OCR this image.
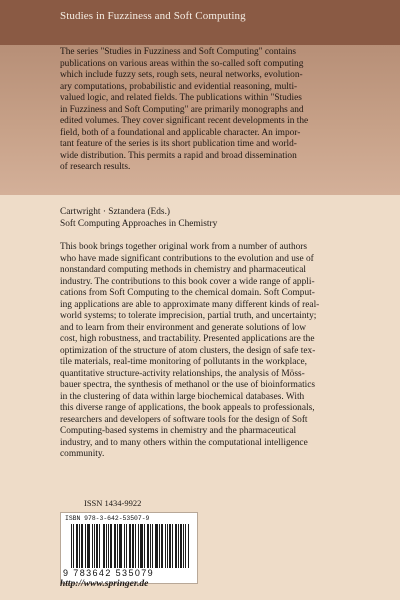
Studies in Fuzziness and Soft Computing
The series "Studies in Fuzziness and Soft Computing" contains
publications on various areas within the so-called soft computing
which include fuzzy sets, rough sets, neural networks, evolution-
ary computations, probabilistic and evidential reasoning, multi-
valued logic, and related fields. The publications within "Studies
in Fuzziness and Soft Computing" are primarily monographs and
edited volumes. They cover significant recent developments in the
field, both of a foundational and applicable character. An impor-
tant feature of the series is its short publication time and world-
wide distribution. This permits a rapid and broad dissemination
of research results.
Cartwright · Sztandera (Eds.)
Soft Computing Approaches in Chemistry
This book brings together original work from a number of authors
who have made significant contributions to the evolution and use of
nonstandard computing methods in chemistry and pharmaceutical
industry. The contributions to this book cover a wide range of appli-
cations from Soft Computing to the chemical domain. Soft Comput-
ing applications are able to approximate many different kinds of real-
world systems; to tolerate imprecision, partial truth, and uncertainty;
and to learn from their environment and generate solutions of low
cost, high robustness, and tractability. Presented applications are the
optimization of the structure of atom clusters, the design of safe tex-
tile materials, real-time monitoring of pollutants in the workplace,
quantitative structure-activity relationships, the analysis of Möss-
bauer spectra, the synthesis of methanol or the use of bioinformatics
in the clustering of data within large biochemical databases. With
this diverse range of applications, the book appeals to professionals,
researchers and developers of software tools for the design of Soft
Computing-based systems in chemistry and the pharmaceutical
industry, and to many others within the computational intelligence
community.
ISSN 1434-9922
ISBN 978-3-642-53507-9
9 783642 535079
http://www.springer.de
